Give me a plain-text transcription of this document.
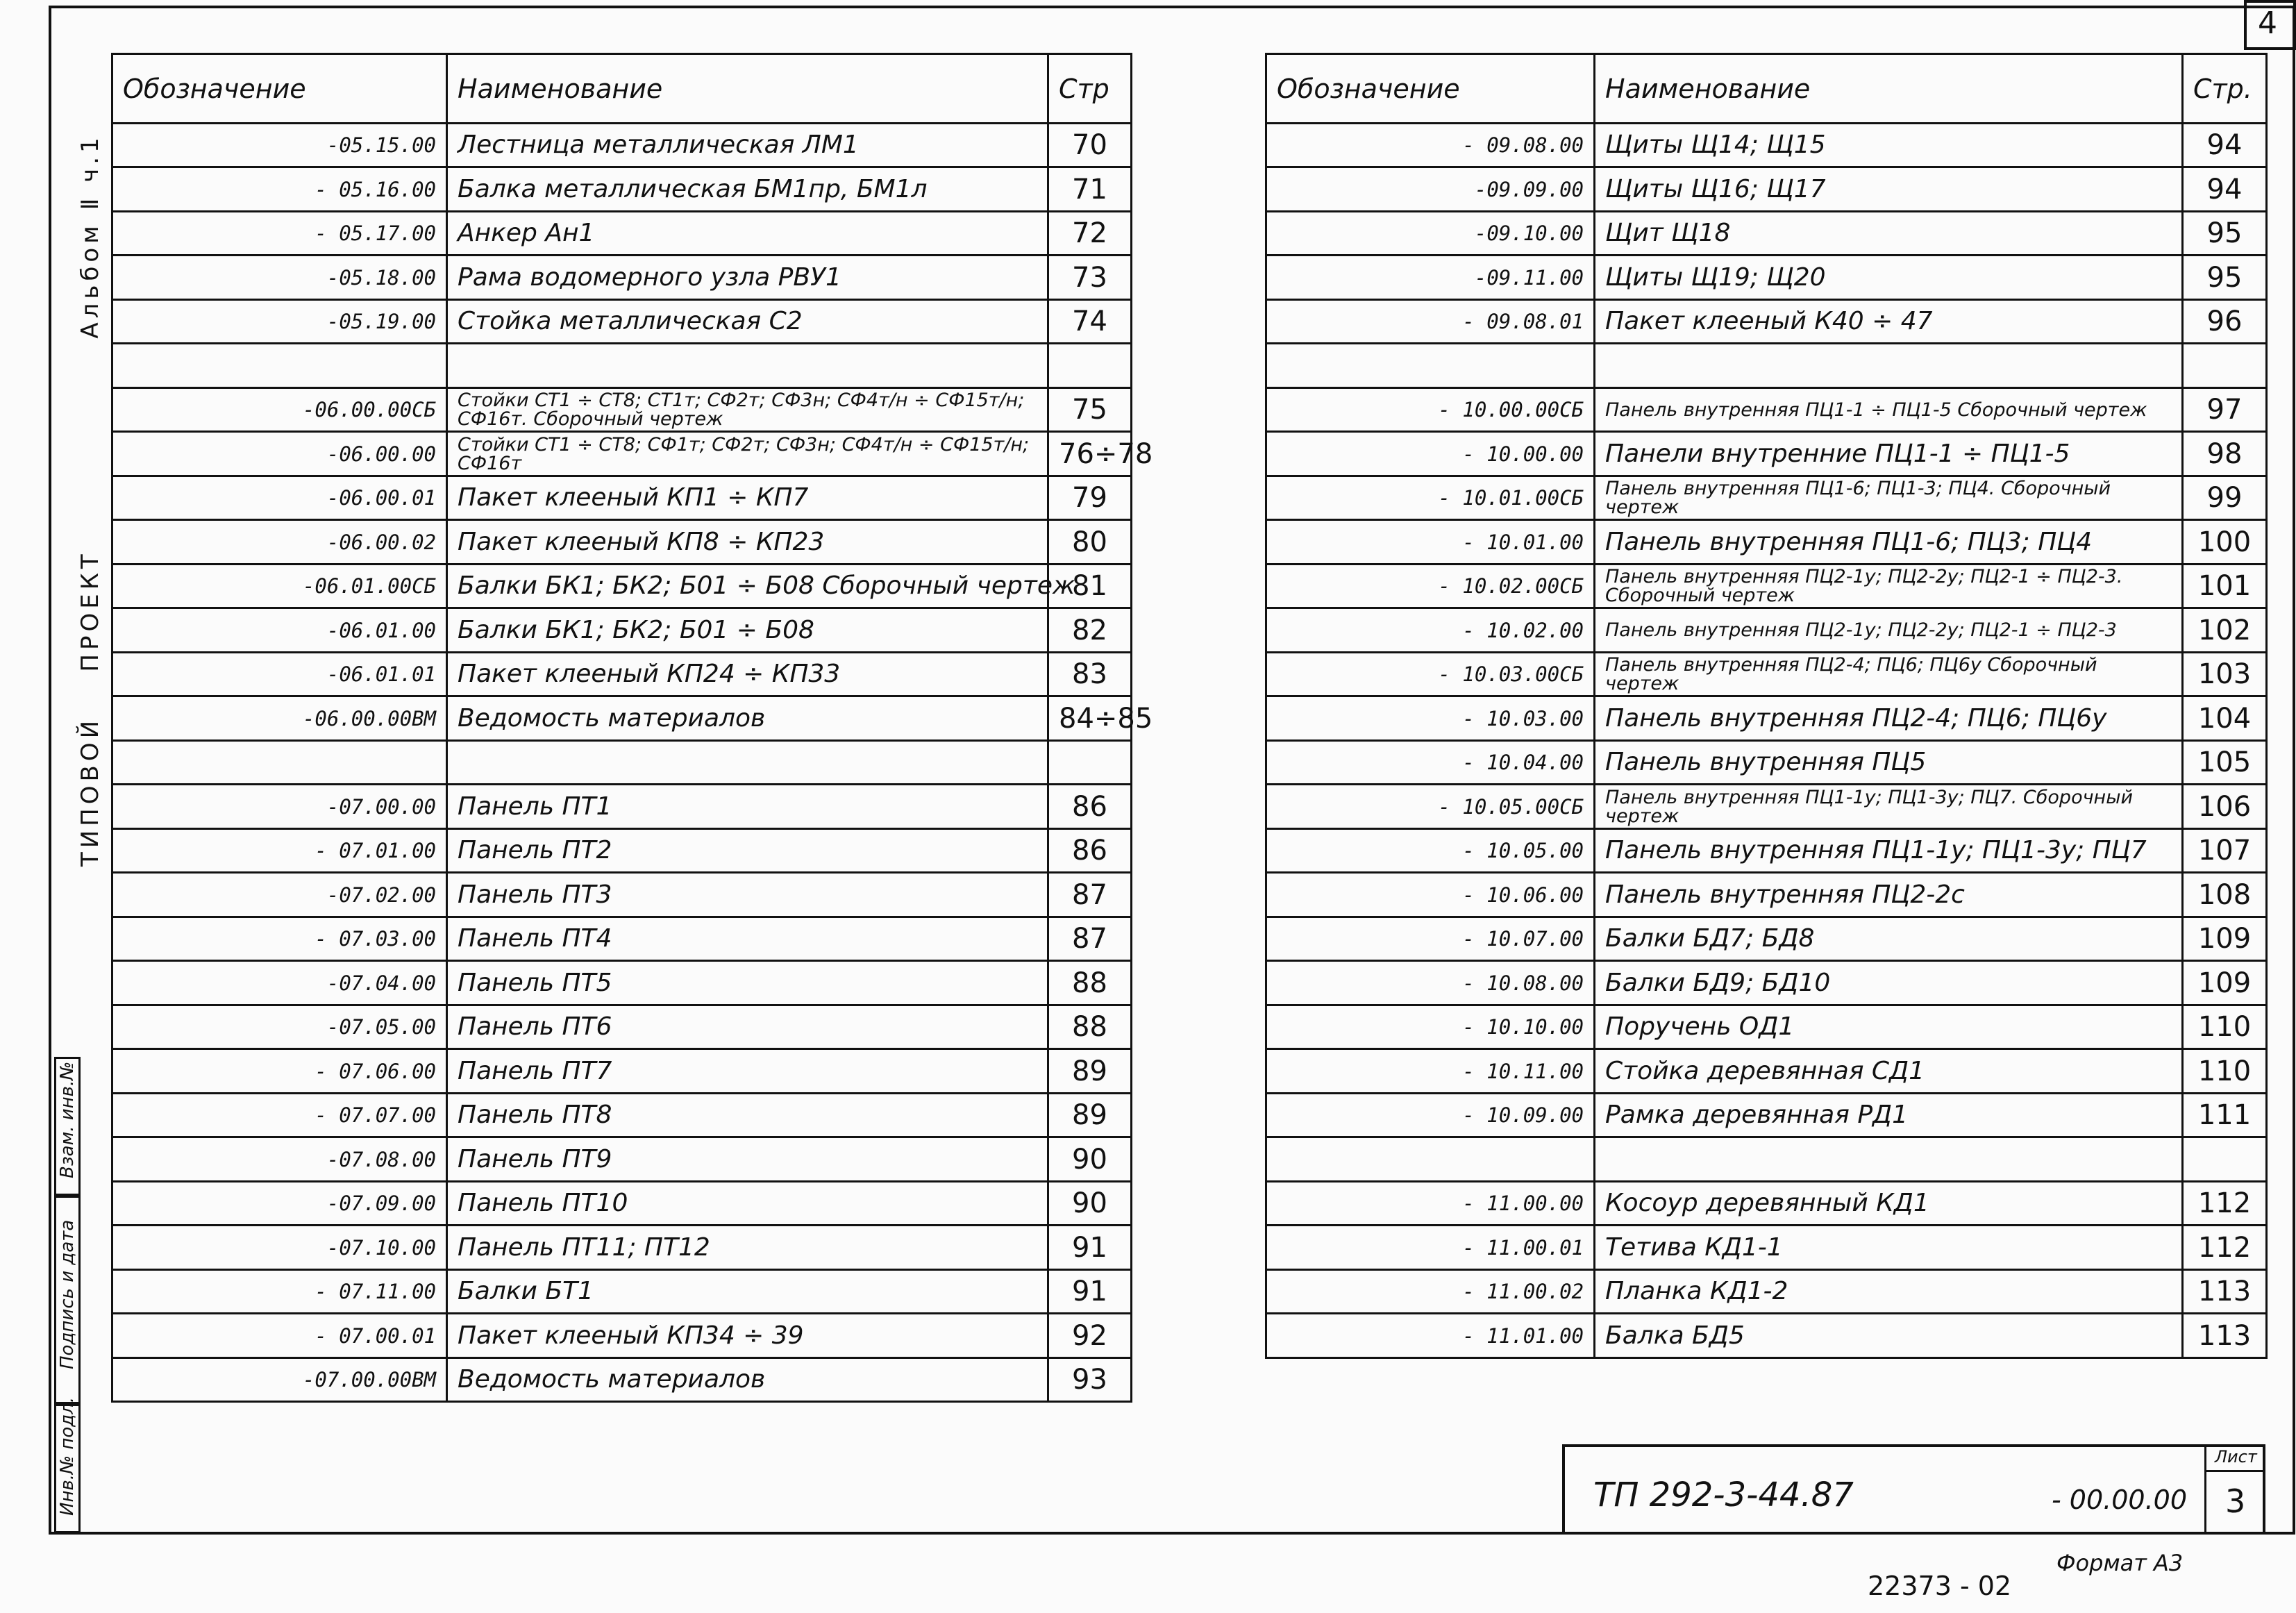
4
Альбом Ⅱ ч.1
ПРОЕКТ
ТИПОВОЙ
Взам. инв.№
Подпись и дата
Инв.№ подл.
Обозначение	Наименование	Стр
-05.15.00	Лестница металлическая ЛМ1	70
- 05.16.00	Балка металлическая БМ1пр, БМ1л	71
- 05.17.00	Анкер Ан1	72
-05.18.00	Рама водомерного узла РВУ1	73
-05.19.00	Стойка металлическая С2	74

-06.00.00СБ	Стойки СТ1 ÷ СТ8; СТ1т; СФ2т; СФ3н; СФ4т/н ÷ СФ15т/н; СФ16т. Сборочный чертеж	75
-06.00.00	Стойки СТ1 ÷ СТ8; СФ1т; СФ2т; СФ3н; СФ4т/н ÷ СФ15т/н; СФ16т	76÷78
-06.00.01	Пакет клееный КП1 ÷ КП7	79
-06.00.02	Пакет клееный КП8 ÷ КП23	80
-06.01.00СБ	Балки БК1; БК2; Б01 ÷ Б08 Сборочный чертеж	81
-06.01.00	Балки БК1; БК2; Б01 ÷ Б08	82
-06.01.01	Пакет клееный КП24 ÷ КП33	83
-06.00.00ВМ	Ведомость материалов	84÷85

-07.00.00	Панель ПТ1	86
- 07.01.00	Панель ПТ2	86
-07.02.00	Панель ПТ3	87
- 07.03.00	Панель ПТ4	87
-07.04.00	Панель ПТ5	88
-07.05.00	Панель ПТ6	88
- 07.06.00	Панель ПТ7	89
- 07.07.00	Панель ПТ8	89
-07.08.00	Панель ПТ9	90
-07.09.00	Панель ПТ10	90
-07.10.00	Панель ПТ11; ПТ12	91
- 07.11.00	Балки БТ1	91
- 07.00.01	Пакет клееный КП34 ÷ 39	92
-07.00.00ВМ	Ведомость материалов	93
Обозначение	Наименование	Стр.
- 09.08.00	Щиты Щ14; Щ15	94
-09.09.00	Щиты Щ16; Щ17	94
-09.10.00	Щит Щ18	95
-09.11.00	Щиты Щ19; Щ20	95
- 09.08.01	Пакет клееный К40 ÷ 47	96

- 10.00.00СБ	Панель внутренняя ПЦ1-1 ÷ ПЦ1-5 Сборочный чертеж	97
- 10.00.00	Панели внутренние ПЦ1-1 ÷ ПЦ1-5	98
- 10.01.00СБ	Панель внутренняя ПЦ1-6; ПЦ1-3; ПЦ4. Сборочный чертеж	99
- 10.01.00	Панель внутренняя ПЦ1-6; ПЦ3; ПЦ4	100
- 10.02.00СБ	Панель внутренняя ПЦ2-1у; ПЦ2-2у; ПЦ2-1 ÷ ПЦ2-3. Сборочный чертеж	101
- 10.02.00	Панель внутренняя ПЦ2-1у; ПЦ2-2у; ПЦ2-1 ÷ ПЦ2-3	102
- 10.03.00СБ	Панель внутренняя ПЦ2-4; ПЦ6; ПЦ6у Сборочный чертеж	103
- 10.03.00	Панель внутренняя ПЦ2-4; ПЦ6; ПЦ6у	104
- 10.04.00	Панель внутренняя ПЦ5	105
- 10.05.00СБ	Панель внутренняя ПЦ1-1у; ПЦ1-3у; ПЦ7. Сборочный чертеж	106
- 10.05.00	Панель внутренняя ПЦ1-1у; ПЦ1-3у; ПЦ7	107
- 10.06.00	Панель внутренняя ПЦ2-2с	108
- 10.07.00	Балки БД7; БД8	109
- 10.08.00	Балки БД9; БД10	109
- 10.10.00	Поручень ОД1	110
- 10.11.00	Стойка деревянная СД1	110
- 10.09.00	Рамка деревянная РД1	111

- 11.00.00	Косоур деревянный КД1	112
- 11.00.01	Тетива КД1-1	112
- 11.00.02	Планка КД1-2	113
- 11.01.00	Балка БД5	113
ТП 292-3-44.87	- 00.00.00
Лист
3
22373 - 02
Формат А3
